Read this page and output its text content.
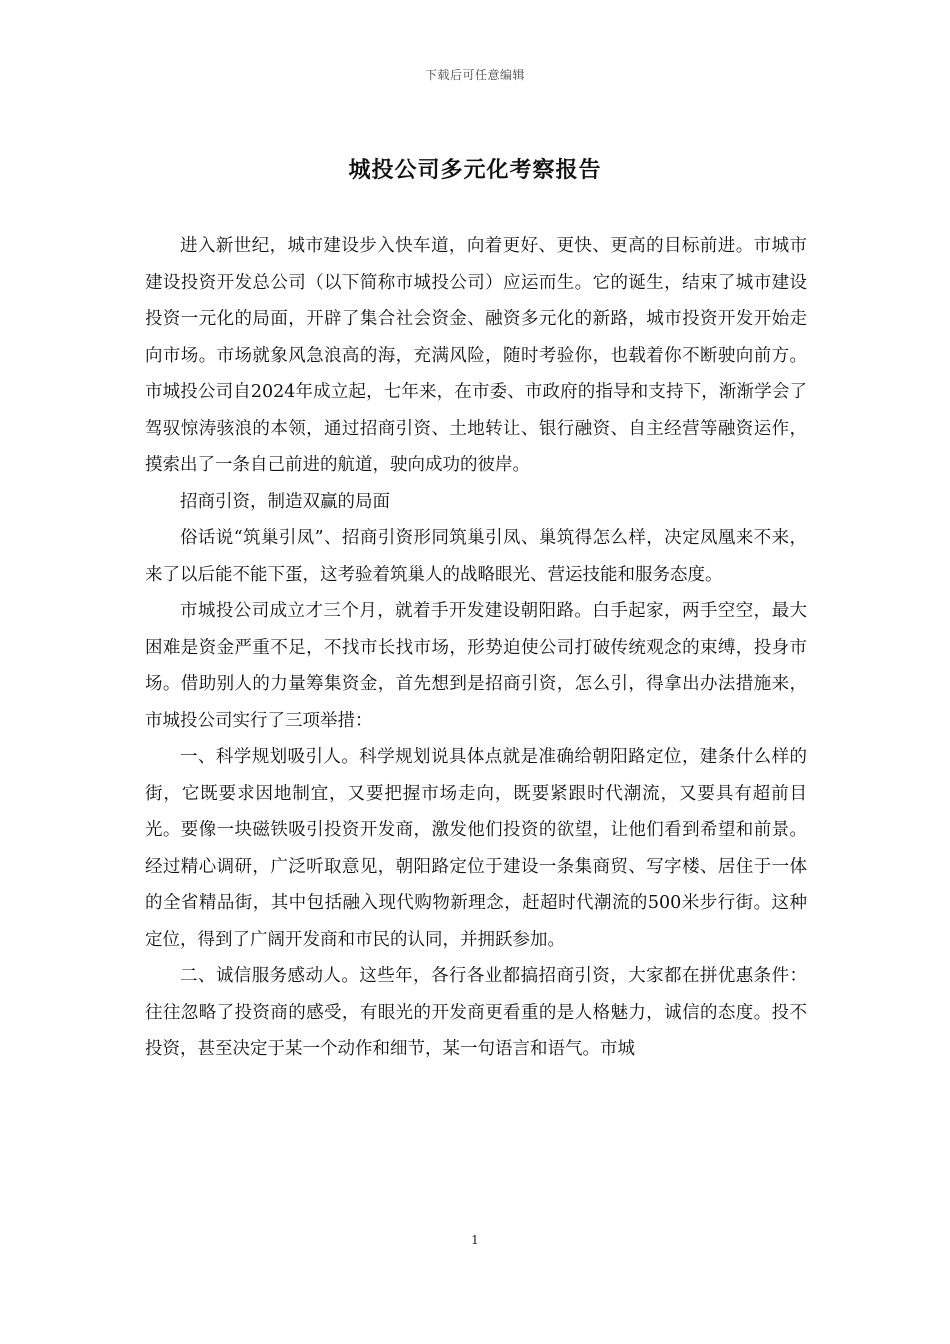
下载后可任意编辑
城投公司多元化考察报告

进入新世纪，城市建设步入快车道，向着更好、更快、更高的目标前进。市城市建设投资开发总公司（以下简称市城投公司）应运而生。它的诞生，结束了城市建设投资一元化的局面，开辟了集合社会资金、融资多元化的新路，城市投资开发开始走向市场。市场就象风急浪高的海，充满风险，随时考验你，也载着你不断驶向前方。市城投公司自2024年成立起，七年来，在市委、市政府的指导和支持下，渐渐学会了驾驭惊涛骇浪的本领，通过招商引资、土地转让、银行融资、自主经营等融资运作，摸索出了一条自己前进的航道，驶向成功的彼岸。

招商引资，制造双赢的局面

俗话说“筑巢引凤”、招商引资形同筑巢引凤、巢筑得怎么样，决定凤凰来不来，来了以后能不能下蛋，这考验着筑巢人的战略眼光、营运技能和服务态度。

市城投公司成立才三个月，就着手开发建设朝阳路。白手起家，两手空空，最大困难是资金严重不足，不找市长找市场，形势迫使公司打破传统观念的束缚，投身市场。借助别人的力量筹集资金，首先想到是招商引资，怎么引，得拿出办法措施来，市城投公司实行了三项举措：

一、科学规划吸引人。科学规划说具体点就是准确给朝阳路定位，建条什么样的街，它既要求因地制宜，又要把握市场走向，既要紧跟时代潮流，又要具有超前目光。要像一块磁铁吸引投资开发商，激发他们投资的欲望，让他们看到希望和前景。经过精心调研，广泛听取意见，朝阳路定位于建设一条集商贸、写字楼、居住于一体的全省精品街，其中包括融入现代购物新理念，赶超时代潮流的500米步行街。这种定位，得到了广阔开发商和市民的认同，并拥跃参加。

二、诚信服务感动人。这些年，各行各业都搞招商引资，大家都在拼优惠条件：往往忽略了投资商的感受，有眼光的开发商更看重的是人格魅力，诚信的态度。投不投资，甚至决定于某一个动作和细节，某一句语言和语气。市城

1
